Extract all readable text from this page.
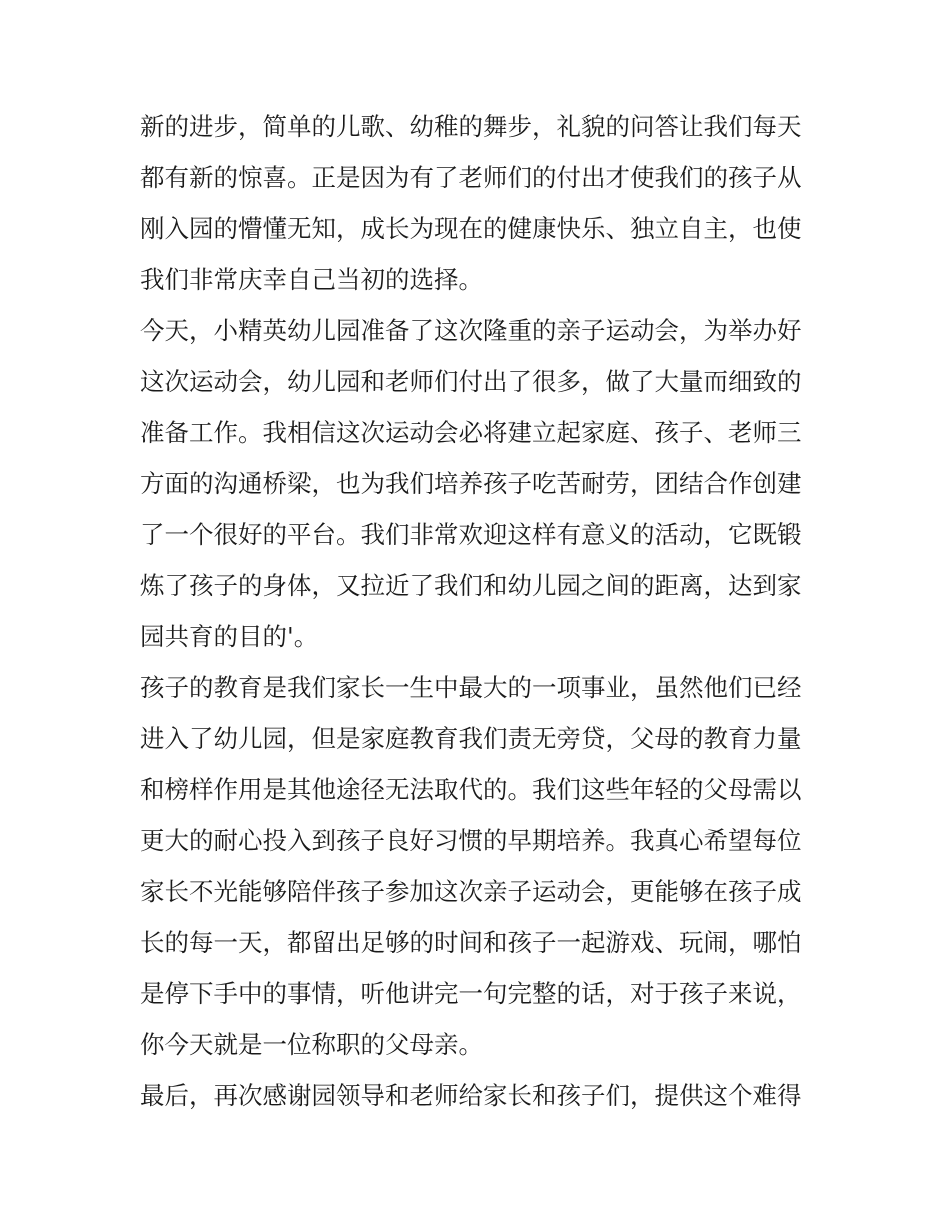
新的进步，简单的儿歌、幼稚的舞步，礼貌的问答让我们每天
都有新的惊喜。正是因为有了老师们的付出才使我们的孩子从
刚入园的懵懂无知，成长为现在的健康快乐、独立自主，也使
我们非常庆幸自己当初的选择。
今天，小精英幼儿园准备了这次隆重的亲子运动会，为举办好
这次运动会，幼儿园和老师们付出了很多，做了大量而细致的
准备工作。我相信这次运动会必将建立起家庭、孩子、老师三
方面的沟通桥梁，也为我们培养孩子吃苦耐劳，团结合作创建
了一个很好的平台。我们非常欢迎这样有意义的活动，它既锻
炼了孩子的身体，又拉近了我们和幼儿园之间的距离，达到家
园共育的目的'。
孩子的教育是我们家长一生中最大的一项事业，虽然他们已经
进入了幼儿园，但是家庭教育我们责无旁贷，父母的教育力量
和榜样作用是其他途径无法取代的。我们这些年轻的父母需以
更大的耐心投入到孩子良好习惯的早期培养。我真心希望每位
家长不光能够陪伴孩子参加这次亲子运动会，更能够在孩子成
长的每一天，都留出足够的时间和孩子一起游戏、玩闹，哪怕
是停下手中的事情，听他讲完一句完整的话，对于孩子来说，
你今天就是一位称职的父母亲。
最后，再次感谢园领导和老师给家长和孩子们，提供这个难得
